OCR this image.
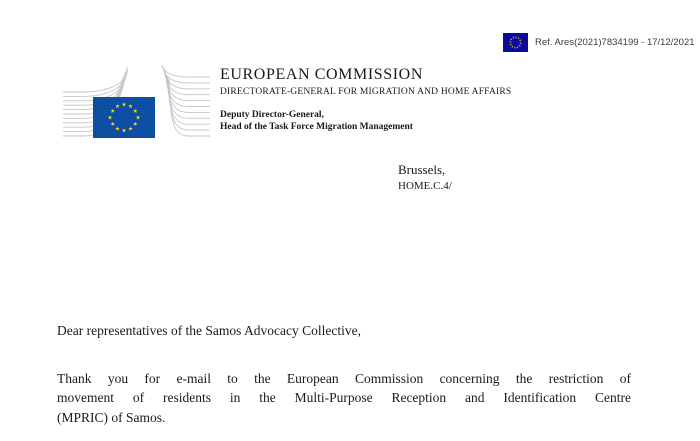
Ref. Ares(2021)7834199 - 17/12/2021
EUROPEAN COMMISSION
DIRECTORATE-GENERAL FOR MIGRATION AND HOME AFFAIRS
Deputy Director-General,
Head of the Task Force Migration Management
Brussels,
HOME.C.4/
Dear representatives of the Samos Advocacy Collective,
Thank you for e-mail to the European Commission concerning the restriction of
movement of residents in the Multi-Purpose Reception and Identification Centre
(MPRIC) of Samos.
